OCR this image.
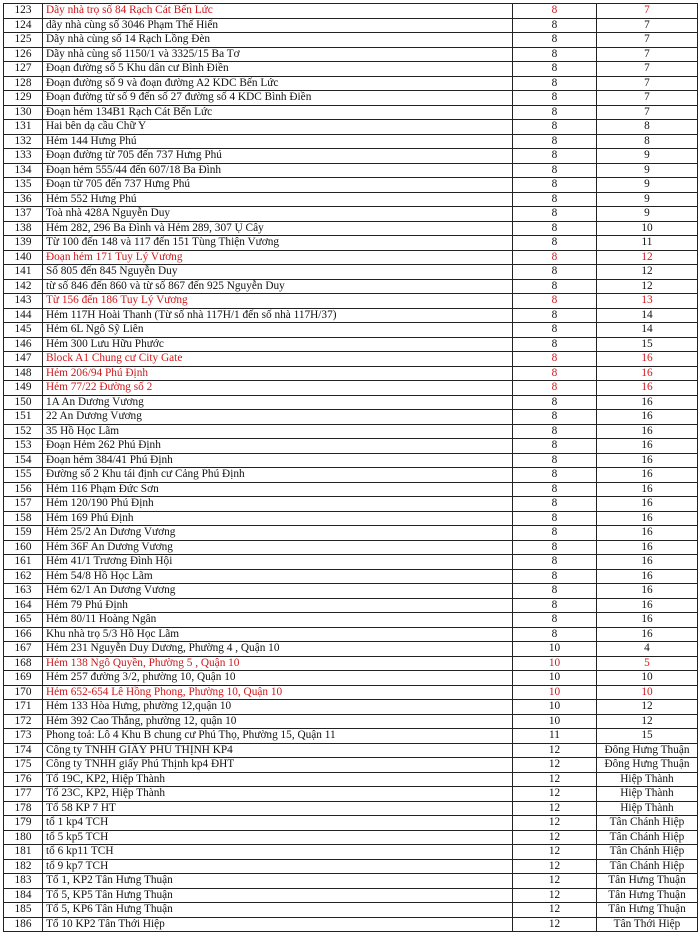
123	Dãy nhà trọ số 84 Rạch Cát Bến Lức	8	7
124	dãy nhà cùng số 3046 Phạm Thế Hiển	8	7
125	Dãy nhà cùng số 14 Rạch Lồng Đèn	8	7
126	Dãy nhà cùng số 1150/1 và 3325/15 Ba Tơ	8	7
127	Đoạn đường số 5 Khu dân cư Bình Điền	8	7
128	Đoạn đường số 9 và đoạn đường A2 KDC Bến Lức	8	7
129	Đoạn đường từ số 9 đến số 27 đường số 4 KDC Bình Điền	8	7
130	Đoạn hẻm 134B1 Rạch Cát Bến Lức	8	7
131	Hai bên dạ cầu Chữ Y	8	8
132	Hẻm 144 Hưng Phú	8	8
133	Đoạn đường từ 705 đến 737 Hưng Phú	8	9
134	Đoạn hẻm 555/44 đến 607/18 Ba Đình	8	9
135	Đoạn từ 705 đến 737 Hưng Phú	8	9
136	Hẻm 552 Hưng Phú	8	9
137	Toà nhà 428A Nguyễn Duy	8	9
138	Hẻm 282, 296 Ba Đình và Hẻm 289, 307 Ụ Cây	8	10
139	Từ 100 đến 148 và 117 đến 151 Tùng Thiện Vương	8	11
140	Đoạn hẻm 171 Tuy Lý Vương	8	12
141	Số 805 đến 845 Nguyễn Duy	8	12
142	từ số 846 đến 860 và từ số 867 đến 925 Nguyễn Duy	8	12
143	Từ 156 đến 186 Tuy Lý Vương	8	13
144	Hẻm 117H Hoài Thanh (Từ số nhà 117H/1 đến số nhà 117H/37)	8	14
145	Hẻm 6L Ngô Sỹ Liên	8	14
146	Hẻm 300 Lưu Hữu Phước	8	15
147	Block A1 Chung cư City Gate	8	16
148	Hẻm 206/94 Phú Định	8	16
149	Hẻm 77/22 Đường số 2	8	16
150	1A An Dương Vương	8	16
151	22 An Dương Vương	8	16
152	35 Hồ Học Lãm	8	16
153	Đoạn Hẻm 262 Phú Định	8	16
154	Đoạn hẻm 384/41 Phú Định	8	16
155	Đường số 2 Khu tái định cư Cảng Phú Định	8	16
156	Hẻm 116 Phạm Đức Sơn	8	16
157	Hẻm 120/190 Phú Định	8	16
158	Hẻm 169 Phú Định	8	16
159	Hẻm 25/2 An Dương Vương	8	16
160	Hẻm 36F An Dương Vương	8	16
161	Hẻm 41/1 Trương Đình Hội	8	16
162	Hẻm 54/8 Hồ Học Lãm	8	16
163	Hẻm 62/1 An Dương Vương	8	16
164	Hẻm 79 Phú Định	8	16
165	Hẻm 80/11 Hoàng Ngân	8	16
166	Khu nhà trọ 5/3 Hồ Học Lãm	8	16
167	Hẻm 231 Nguyễn Duy Dương, Phường 4 , Quận 10	10	4
168	Hẻm 138 Ngô Quyền, Phường 5 , Quận 10	10	5
169	Hẻm 257 đường 3/2, phường 10, Quận 10	10	10
170	Hẻm 652-654 Lê Hồng Phong, Phường 10, Quận 10	10	10
171	Hẻm 133 Hòa Hưng, phường 12,quận 10	10	12
172	Hẻm 392 Cao Thắng, phường 12, quận 10	10	12
173	Phong toả: Lô 4 Khu B chung cư Phú Thọ, Phường 15, Quận 11	11	15
174	Công ty TNHH GIẤY PHÚ THỊNH KP4	12	Đông Hưng Thuận
175	Công ty TNHH giấy Phú Thịnh kp4 ĐHT	12	Đông Hưng Thuận
176	Tổ 19C, KP2, Hiệp Thành	12	Hiệp Thành
177	Tổ 23C, KP2, Hiệp Thành	12	Hiệp Thành
178	Tổ 58 KP 7 HT	12	Hiệp Thành
179	tổ 1 kp4 TCH	12	Tân Chánh Hiệp
180	tổ 5 kp5 TCH	12	Tân Chánh Hiệp
181	tổ 6 kp11 TCH	12	Tân Chánh Hiệp
182	tổ 9 kp7 TCH	12	Tân Chánh Hiệp
183	Tổ 1, KP2 Tân Hưng Thuận	12	Tân Hưng Thuận
184	Tổ 5, KP5 Tân Hưng Thuận	12	Tân Hưng Thuận
185	Tổ 5, KP6 Tân Hưng Thuận	12	Tân Hưng Thuận
186	Tổ 10 KP2 Tân Thới Hiệp	12	Tân Thới Hiệp
